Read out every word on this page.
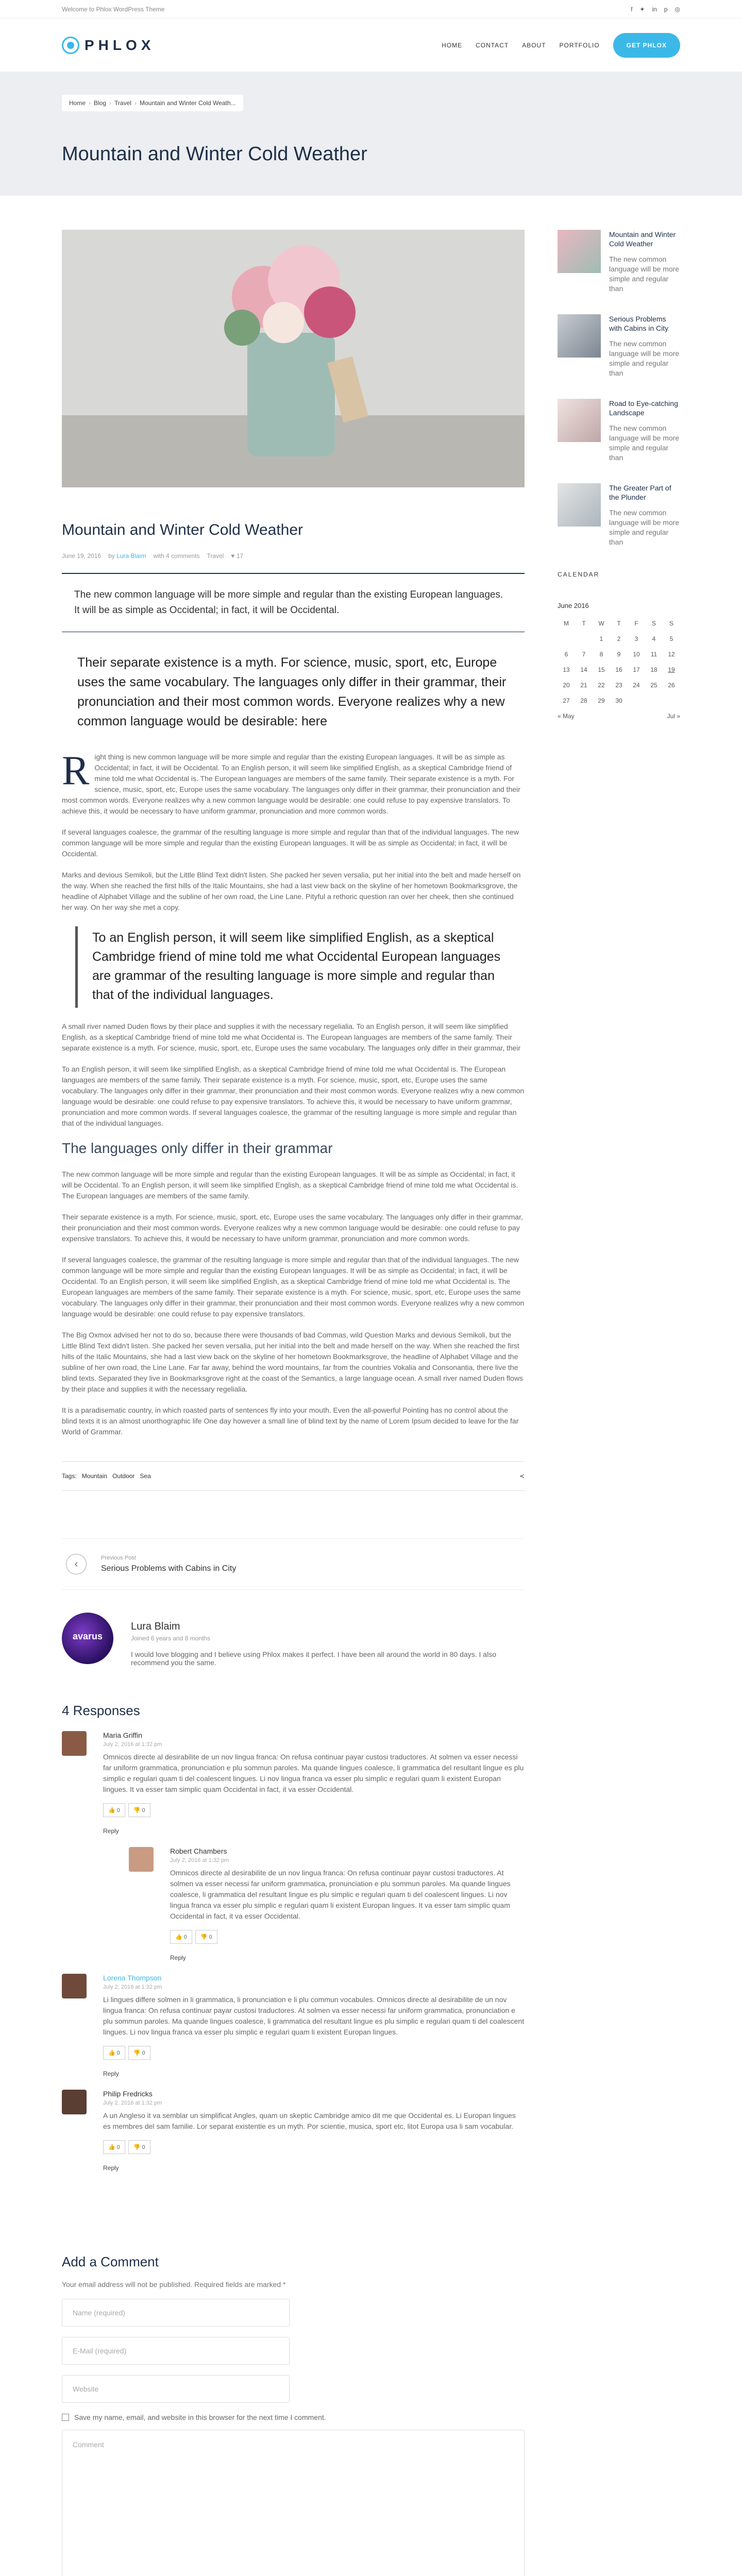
Welcome to Phlox WordPress Theme	f ✦ in p ◎
PHLOX	HOME CONTACT ABOUT PORTFOLIO	GET PHLOX
Home › Blog › Travel › Mountain and Winter Cold Weath...
Mountain and Winter Cold Weather
Mountain and Winter Cold Weather
June 19, 2016 by Lura Blaim with 4 comments Travel ♥ 17
The new common language will be more simple and regular than the existing European languages. It will be as simple as Occidental; in fact, it will be Occidental.
Their separate existence is a myth. For science, music, sport, etc, Europe uses the same vocabulary. The languages only differ in their grammar, their pronunciation and their most common words. Everyone realizes why a new common language would be desirable: here

Right thing is new common language will be more simple and regular than the existing European languages. It will be as simple as Occidental; in fact, it will be Occidental. To an English person, it will seem like simplified English, as a skeptical Cambridge friend of mine told me what Occidental is. The European languages are members of the same family. Their separate existence is a myth. For science, music, sport, etc, Europe uses the same vocabulary. The languages only differ in their grammar, their pronunciation and their most common words. Everyone realizes why a new common language would be desirable: one could refuse to pay expensive translators. To achieve this, it would be necessary to have uniform grammar, pronunciation and more common words.

If several languages coalesce, the grammar of the resulting language is more simple and regular than that of the individual languages. The new common language will be more simple and regular than the existing European languages. It will be as simple as Occidental; in fact, it will be Occidental.

Marks and devious Semikoli, but the Little Blind Text didn't listen. She packed her seven versalia, put her initial into the belt and made herself on the way. When she reached the first hills of the Italic Mountains, she had a last view back on the skyline of her hometown Bookmarksgrove, the headline of Alphabet Village and the subline of her own road, the Line Lane. Pityful a rethoric question ran over her cheek, then she continued her way. On her way she met a copy.

To an English person, it will seem like simplified English, as a skeptical Cambridge friend of mine told me what Occidental European languages are grammar of the resulting language is more simple and regular than that of the individual languages.

A small river named Duden flows by their place and supplies it with the necessary regelialia. To an English person, it will seem like simplified English, as a skeptical Cambridge friend of mine told me what Occidental is. The European languages are members of the same family. Their separate existence is a myth. For science, music, sport, etc, Europe uses the same vocabulary. The languages only differ in their grammar, their

To an English person, it will seem like simplified English, as a skeptical Cambridge friend of mine told me what Occidental is. The European languages are members of the same family. Their separate existence is a myth. For science, music, sport, etc, Europe uses the same vocabulary. The languages only differ in their grammar, their pronunciation and their most common words. Everyone realizes why a new common language would be desirable: one could refuse to pay expensive translators. To achieve this, it would be necessary to have uniform grammar, pronunciation and more common words. If several languages coalesce, the grammar of the resulting language is more simple and regular than that of the individual languages.

The languages only differ in their grammar

The new common language will be more simple and regular than the existing European languages. It will be as simple as Occidental; in fact, it will be Occidental. To an English person, it will seem like simplified English, as a skeptical Cambridge friend of mine told me what Occidental is. The European languages are members of the same family.

Their separate existence is a myth. For science, music, sport, etc, Europe uses the same vocabulary. The languages only differ in their grammar, their pronunciation and their most common words. Everyone realizes why a new common language would be desirable: one could refuse to pay expensive translators. To achieve this, it would be necessary to have uniform grammar, pronunciation and more common words.

If several languages coalesce, the grammar of the resulting language is more simple and regular than that of the individual languages. The new common language will be more simple and regular than the existing European languages. It will be as simple as Occidental; in fact, it will be Occidental. To an English person, it will seem like simplified English, as a skeptical Cambridge friend of mine told me what Occidental is. The European languages are members of the same family. Their separate existence is a myth. For science, music, sport, etc, Europe uses the same vocabulary. The languages only differ in their grammar, their pronunciation and their most common words. Everyone realizes why a new common language would be desirable: one could refuse to pay expensive translators.

The Big Oxmox advised her not to do so, because there were thousands of bad Commas, wild Question Marks and devious Semikoli, but the Little Blind Text didn't listen. She packed her seven versalia, put her initial into the belt and made herself on the way. When she reached the first hills of the Italic Mountains, she had a last view back on the skyline of her hometown Bookmarksgrove, the headline of Alphabet Village and the subline of her own road, the Line Lane. Far far away, behind the word mountains, far from the countries Vokalia and Consonantia, there live the blind texts. Separated they live in Bookmarksgrove right at the coast of the Semantics, a large language ocean. A small river named Duden flows by their place and supplies it with the necessary regelialia.

It is a paradisematic country, in which roasted parts of sentences fly into your mouth. Even the all-powerful Pointing has no control about the blind texts it is an almost unorthographic life One day however a small line of blind text by the name of Lorem Ipsum decided to leave for the far World of Grammar.

Tags: Mountain Outdoor Sea	≺
‹
Previous Post
Serious Problems with Cabins in City
avarus
Lura Blaim
Joined 6 years and 8 months
I would love blogging and I believe using Phlox makes it perfect. I have been all around the world in 80 days. I also recommend you the same.
4 Responses
Maria Griffin
July 2, 2016 at 1:32 pm
Omnicos directe al desirabilite de un nov lingua franca: On refusa continuar payar custosi traductores. At solmen va esser necessi far uniform grammatica, pronunciation e plu sommun paroles. Ma quande lingues coalesce, li grammatica del resultant lingue es plu simplic e regulari quam ti del coalescent lingues. Li nov lingua franca va esser plu simplic e regulari quam li existent Europan lingues. It va esser tam simplic quam Occidental in fact, it va esser Occidental.
👍 0	👎 0
Reply
Robert Chambers
July 2, 2016 at 1:32 pm
Omnicos directe al desirabilite de un nov lingua franca: On refusa continuar payar custosi traductores. At solmen va esser necessi far uniform grammatica, pronunciation e plu sommun paroles. Ma quande lingues coalesce, li grammatica del resultant lingue es plu simplic e regulari quam ti del coalescent lingues. Li nov lingua franca va esser plu simplic e regulari quam li existent Europan lingues. It va esser tam simplic quam Occidental in fact, it va esser Occidental.
👍 0	👎 0
Reply
Lorena Thompson
July 2, 2016 at 1:32 pm
Li lingues differe solmen in li grammatica, li pronunciation e li plu commun vocabules. Omnicos directe al desirabilite de un nov lingua franca: On refusa continuar payar custosi traductores. At solmen va esser necessi far uniform grammatica, pronunciation e plu sommun paroles. Ma quande lingues coalesce, li grammatica del resultant lingue es plu simplic e regulari quam ti del coalescent lingues. Li nov lingua franca va esser plu simplic e regulari quam li existent Europan lingues.
👍 0	👎 0
Reply
Philip Fredricks
July 2, 2016 at 1:32 pm
A un Angleso it va semblar un simplificat Angles, quam un skeptic Cambridge amico dit me que Occidental es. Li Europan lingues es membres del sam familie. Lor separat existentie es un myth. Por scientie, musica, sport etc, litot Europa usa li sam vocabular.
👍 0	👎 0
Reply
Add a Comment
Your email address will not be published. Required fields are marked *
Name (required)
E-Mail (required)
Website
Save my name, email, and website in this browser for the next time I comment.
Comment
Mountain and Winter Cold Weather
The new common language will be more simple and regular than
Serious Problems with Cabins in City
The new common language will be more simple and regular than
Road to Eye-catching Landscape
The new common language will be more simple and regular than
The Greater Part of the Plunder
The new common language will be more simple and regular than
CALENDAR
June 2016
M	T	W	T	F	S	S
		1	2	3	4	5
6	7	8	9	10	11	12
13	14	15	16	17	18	19
20	21	22	23	24	25	26
27	28	29	30			
« May				Jul »		
